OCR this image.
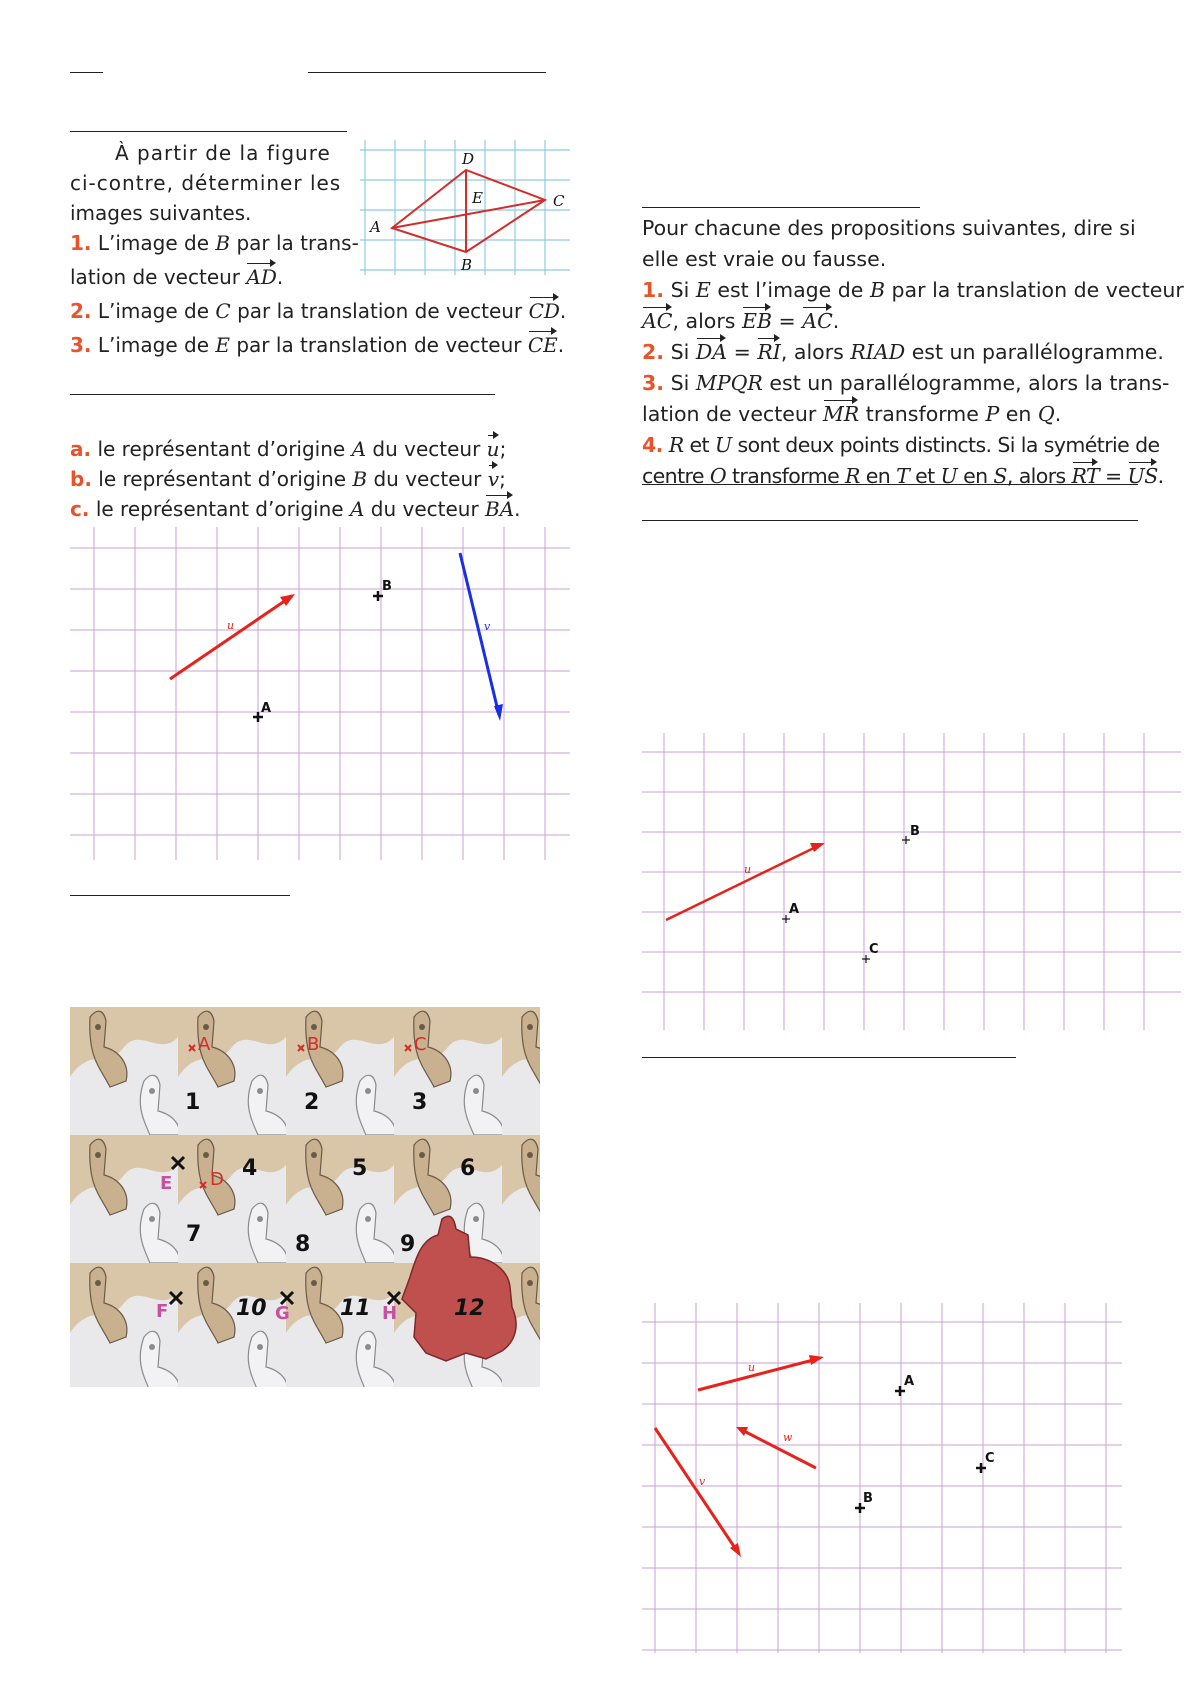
À partir de la figure
ci-contre, déterminer les
images suivantes.
1. L’image de B par la trans-
lation de vecteur AD.
2. L’image de C par la translation de vecteur CD.
3. L’image de E par la translation de vecteur CE.
D
E	C
A
B
a. le représentant d’origine A du vecteur u;
b. le représentant d’origine B du vecteur v;
c. le représentant d’origine A du vecteur BA.
u	v
B
A
1	2	3
4	5	6
7	8	9
10	11	12
A	B	C
D
E
F	G	H
Pour chacune des propositions suivantes, dire si
elle est vraie ou fausse.
1. Si E est l’image de B par la translation de vecteur
AC, alors EB = AC.
2. Si DA = RI, alors RIAD est un parallélogramme.
3. Si MPQR est un parallélogramme, alors la trans-
lation de vecteur MR transforme P en Q.
4. R et U sont deux points distincts. Si la symétrie de
centre O transforme R en T et U en S, alors RT = US.
u
B
A
C
u
w
v
A
C
B
